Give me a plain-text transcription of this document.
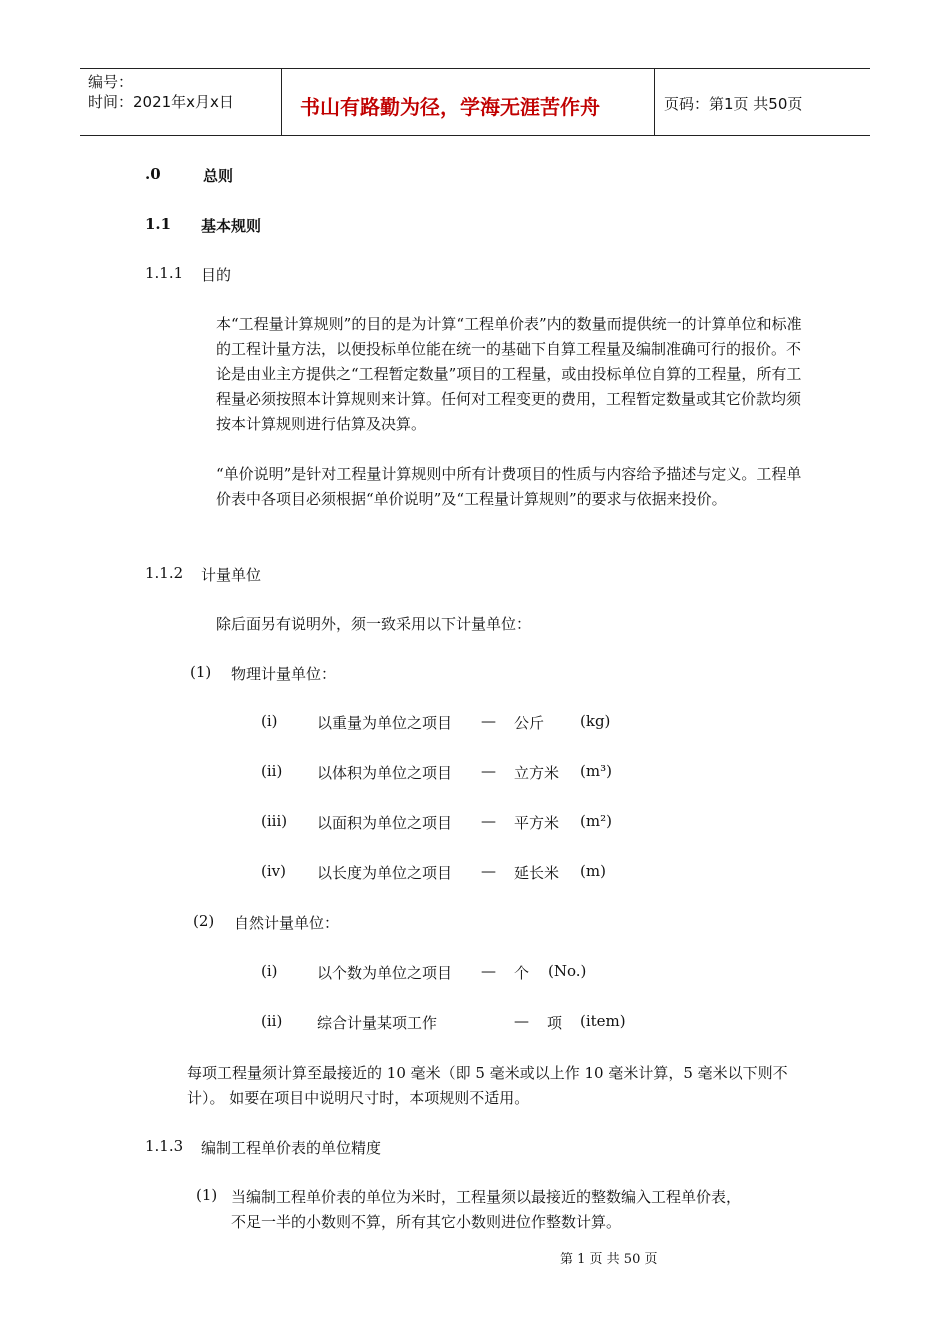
编号：
时间：2021年x月x日	书山有路勤为径，学海无涯苦作舟	页码：第1页 共50页
.0	总则
1.1 基本规则
1.1.1 目的
本“工程量计算规则”的目的是为计算“工程单价表”内的数量而提供统一的计算单位和标准的工程计量方法，以便投标单位能在统一的基础下自算工程量及编制准确可行的报价。不论是由业主方提供之“工程暂定数量”项目的工程量，或由投标单位自算的工程量，所有工程量必须按照本计算规则来计算。任何对工程变更的费用，工程暂定数量或其它价款均须按本计算规则进行估算及决算。
“单价说明”是针对工程量计算规则中所有计费项目的性质与内容给予描述与定义。工程单价表中各项目必须根据“单价说明”及“工程量计算规则”的要求与依据来投价。
1.1.2 计量单位
除后面另有说明外，须一致采用以下计量单位：
(1) 物理计量单位：
(i)	以重量为单位之项目 — 公斤 (kg)
(ii) 以体积为单位之项目 — 立方米 (m³)
(iii) 以面积为单位之项目 — 平方米 (m²)
(iv) 以长度为单位之项目 — 延长米 (m)
(2) 自然计量单位：
(i)	以个数为单位之项目 — 个 (No.)
(ii) 综合计量某项工作	— 项 (item)
每项工程量须计算至最接近的 10 毫米（即 5 毫米或以上作 10 毫米计算，5 毫米以下则不计）。 如要在项目中说明尺寸时，本项规则不适用。
1.1.3 编制工程单价表的单位精度
(1) 当编制工程单价表的单位为米时，工程量须以最接近的整数编入工程单价表，
不足一半的小数则不算，所有其它小数则进位作整数计算。
第 1 页 共 50 页
